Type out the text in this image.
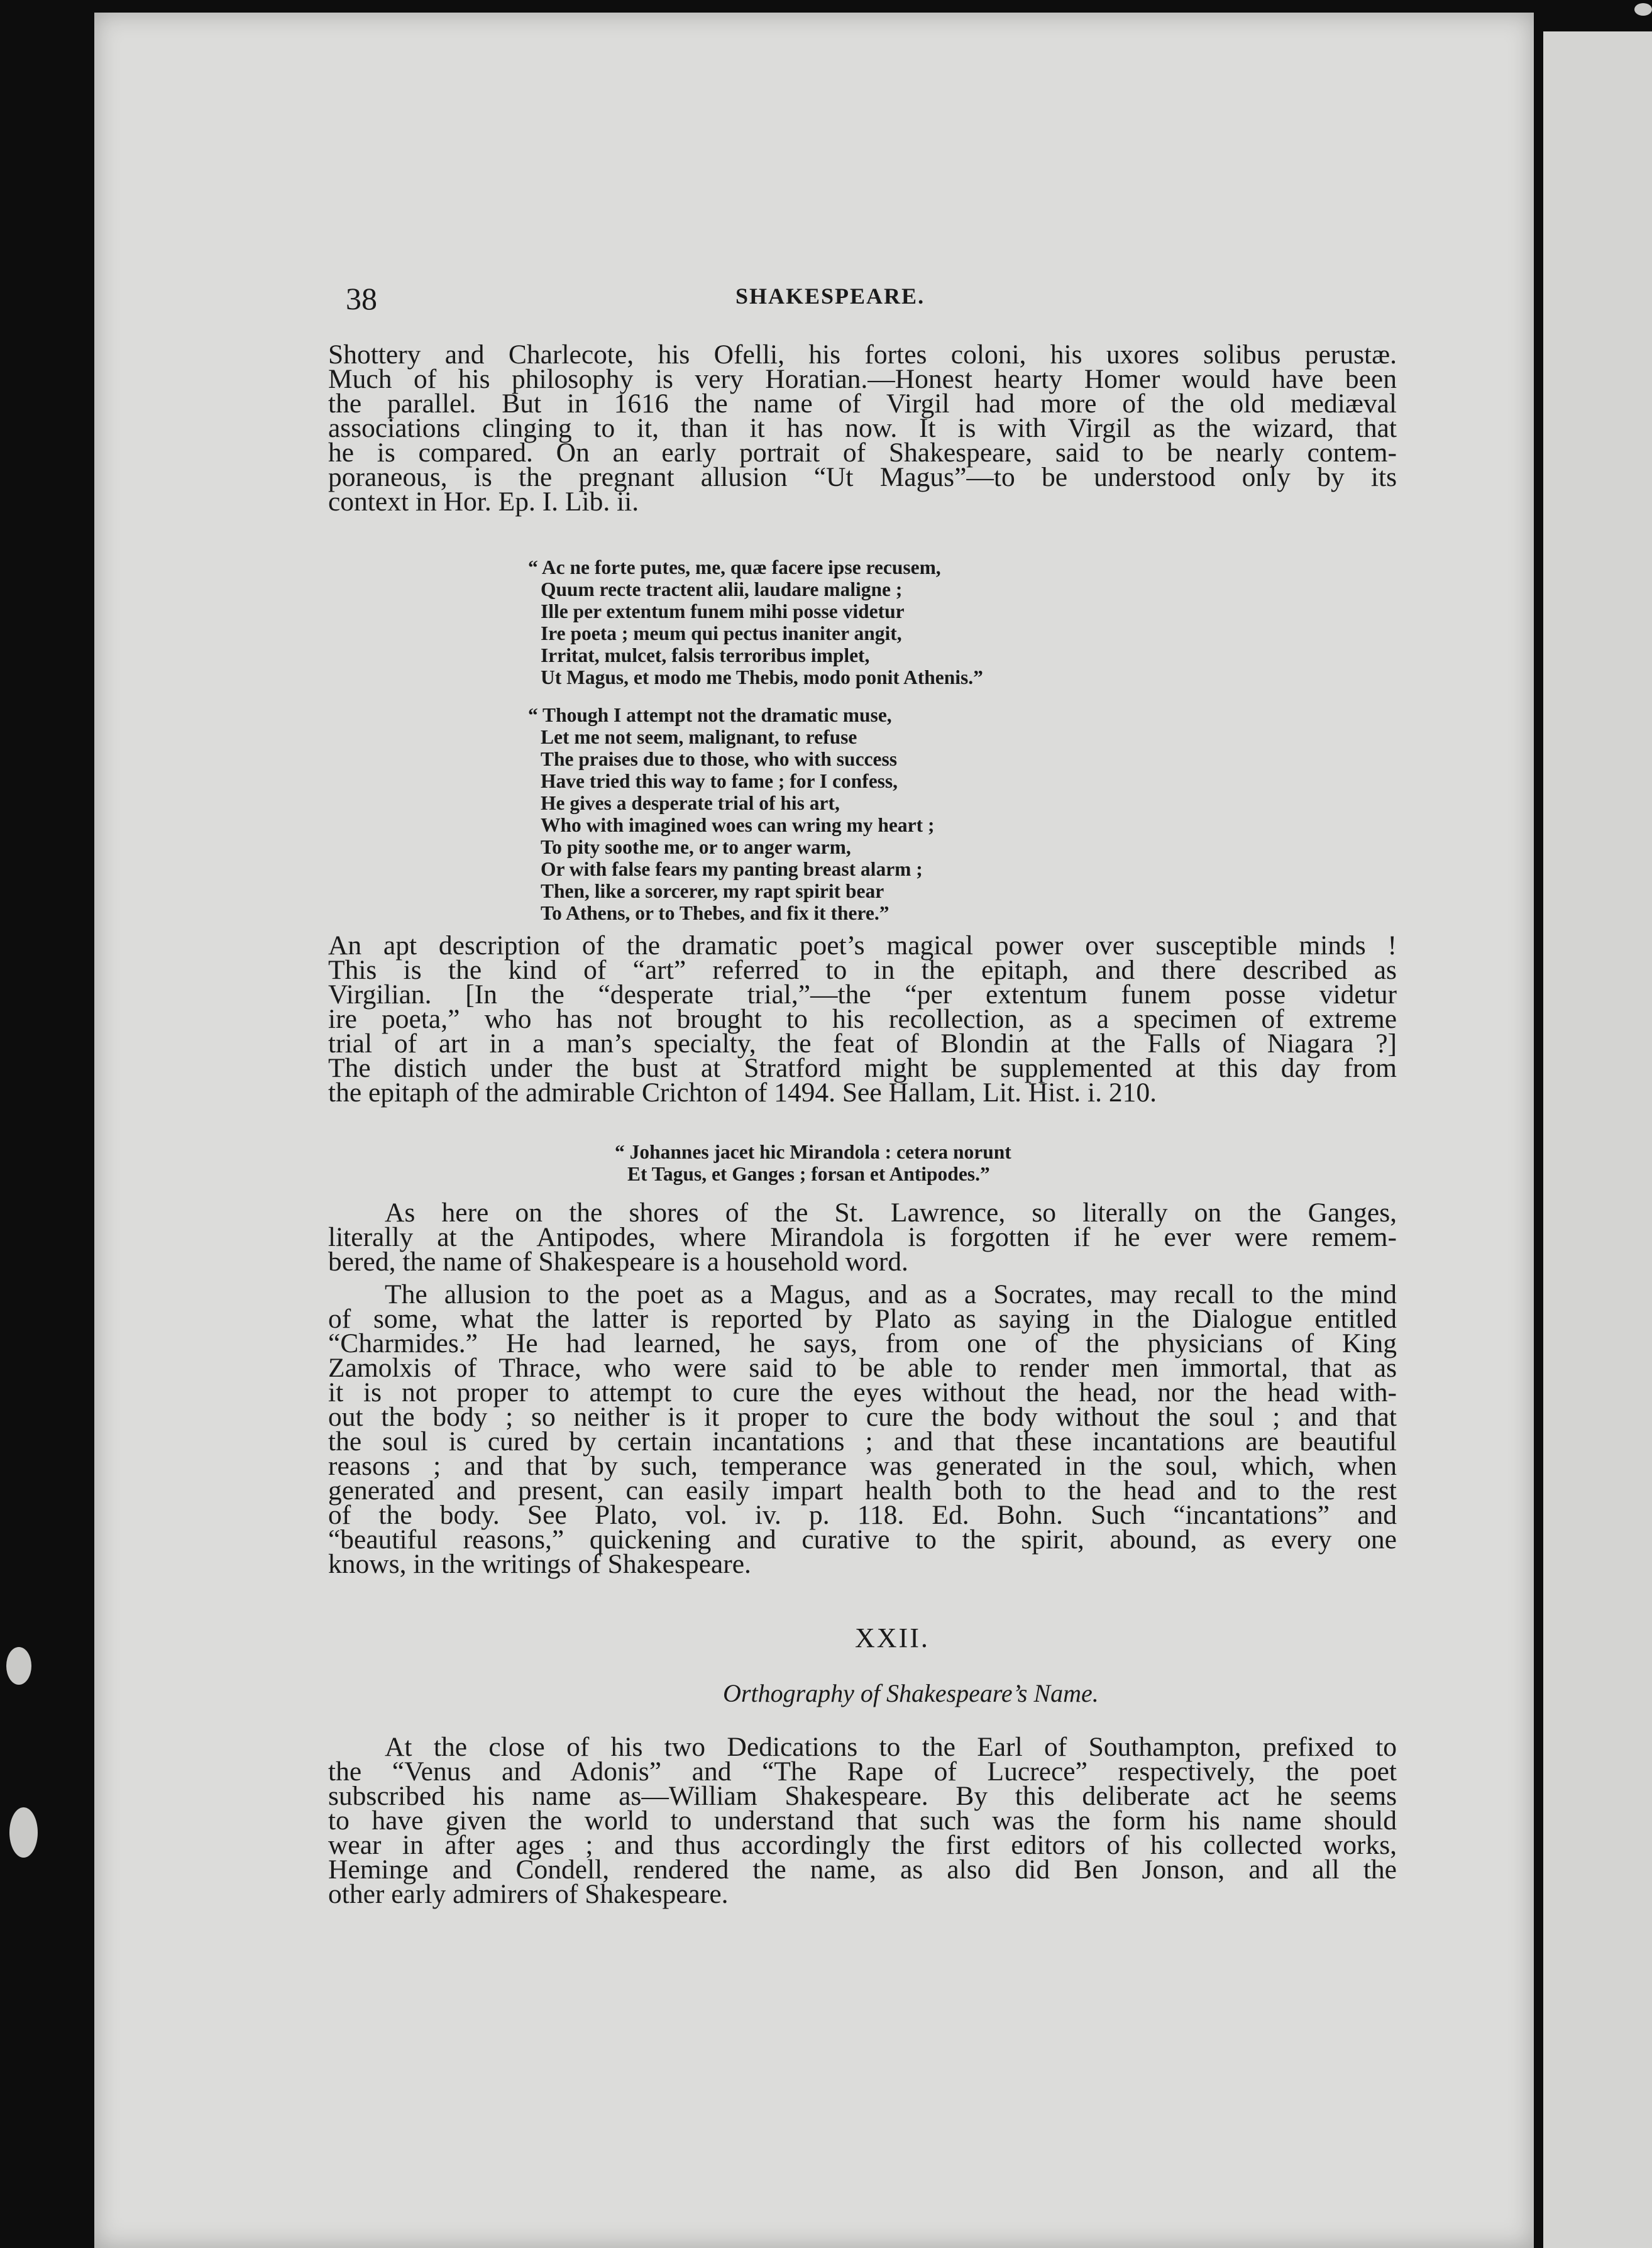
38	SHAKESPEARE.
Shottery and Charlecote, his Ofelli, his fortes coloni, his uxores solibus perustæ.
Much of his philosophy is very Horatian.—Honest hearty Homer would have been
the parallel. But in 1616 the name of Virgil had more of the old mediæval
associations clinging to it, than it has now. It is with Virgil as the wizard, that
he is compared. On an early portrait of Shakespeare, said to be nearly contem-
poraneous, is the pregnant allusion “Ut Magus”—to be understood only by its
context in Hor. Ep. I. Lib. ii.
“ Ac ne forte putes, me, quæ facere ipse recusem,
Quum recte tractent alii, laudare maligne ;
Ille per extentum funem mihi posse videtur
Ire poeta ; meum qui pectus inaniter angit,
Irritat, mulcet, falsis terroribus implet,
Ut Magus, et modo me Thebis, modo ponit Athenis.”
“ Though I attempt not the dramatic muse,
Let me not seem, malignant, to refuse
The praises due to those, who with success
Have tried this way to fame ; for I confess,
He gives a desperate trial of his art,
Who with imagined woes can wring my heart ;
To pity soothe me, or to anger warm,
Or with false fears my panting breast alarm ;
Then, like a sorcerer, my rapt spirit bear
To Athens, or to Thebes, and fix it there.”
An apt description of the dramatic poet’s magical power over susceptible minds !
This is the kind of “art” referred to in the epitaph, and there described as
Virgilian. [In the “desperate trial,”—the “per extentum funem posse videtur
ire poeta,” who has not brought to his recollection, as a specimen of extreme
trial of art in a man’s specialty, the feat of Blondin at the Falls of Niagara ?]
The distich under the bust at Stratford might be supplemented at this day from
the epitaph of the admirable Crichton of 1494. See Hallam, Lit. Hist. i. 210.
“ Johannes jacet hic Mirandola : cetera norunt
Et Tagus, et Ganges ; forsan et Antipodes.”
As here on the shores of the St. Lawrence, so literally on the Ganges,
literally at the Antipodes, where Mirandola is forgotten if he ever were remem-
bered, the name of Shakespeare is a household word.
The allusion to the poet as a Magus, and as a Socrates, may recall to the mind
of some, what the latter is reported by Plato as saying in the Dialogue entitled
“Charmides.” He had learned, he says, from one of the physicians of King
Zamolxis of Thrace, who were said to be able to render men immortal, that as
it is not proper to attempt to cure the eyes without the head, nor the head with-
out the body ; so neither is it proper to cure the body without the soul ; and that
the soul is cured by certain incantations ; and that these incantations are beautiful
reasons ; and that by such, temperance was generated in the soul, which, when
generated and present, can easily impart health both to the head and to the rest
of the body. See Plato, vol. iv. p. 118. Ed. Bohn. Such “incantations” and
“beautiful reasons,” quickening and curative to the spirit, abound, as every one
knows, in the writings of Shakespeare.
XXII.
Orthography of Shakespeare’s Name.
At the close of his two Dedications to the Earl of Southampton, prefixed to
the “Venus and Adonis” and “The Rape of Lucrece” respectively, the poet
subscribed his name as—William Shakespeare. By this deliberate act he seems
to have given the world to understand that such was the form his name should
wear in after ages ; and thus accordingly the first editors of his collected works,
Heminge and Condell, rendered the name, as also did Ben Jonson, and all the
other early admirers of Shakespeare.
